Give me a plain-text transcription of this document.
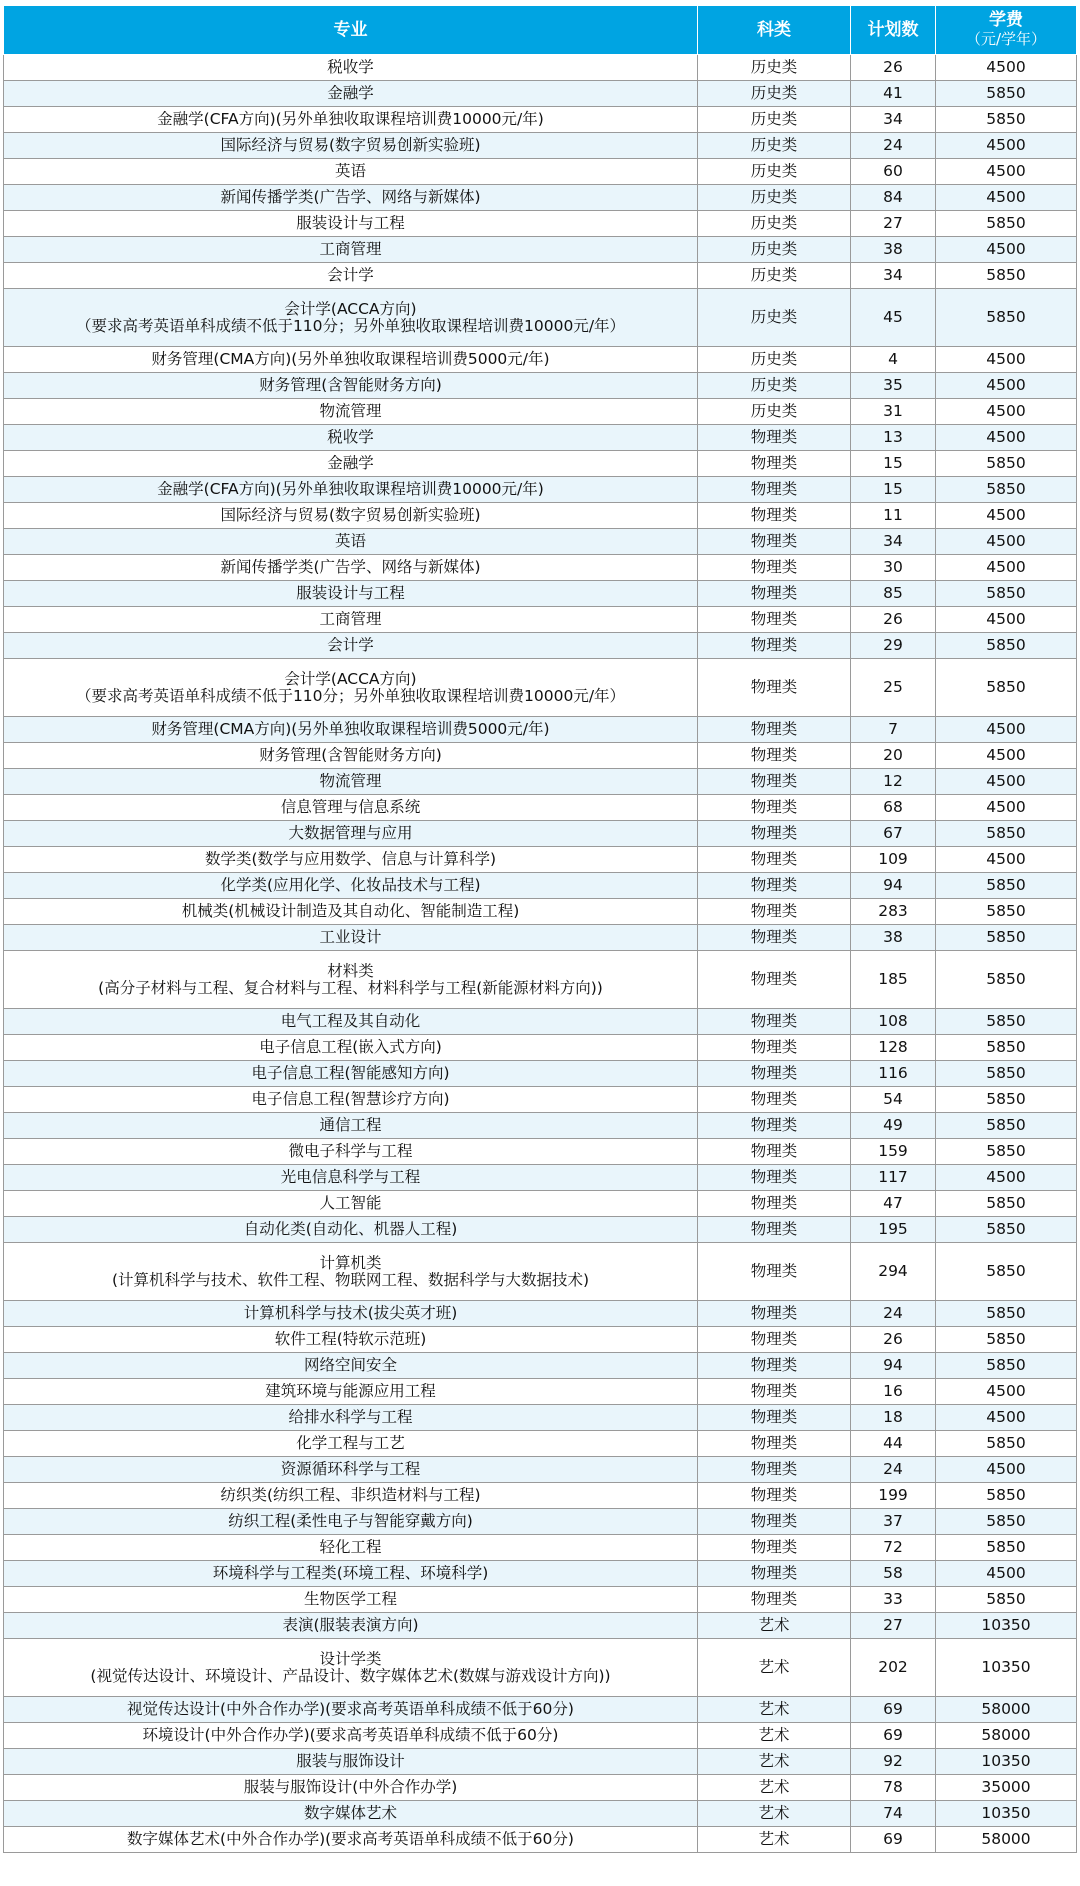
专业	科类	计划数	学费
（元/学年）

税收学	历史类	26	4500

金融学	历史类	41	5850

金融学(CFA方向)(另外单独收取课程培训费10000元/年)	历史类	34	5850

国际经济与贸易(数字贸易创新实验班)	历史类	24	4500

英语	历史类	60	4500

新闻传播学类(广告学、网络与新媒体)	历史类	84	4500

服装设计与工程	历史类	27	5850

工商管理	历史类	38	4500

会计学	历史类	34	5850

会计学(ACCA方向)
（要求高考英语单科成绩不低于110分；另外单独收取课程培训费10000元/年）	历史类	45	5850

财务管理(CMA方向)(另外单独收取课程培训费5000元/年)	历史类	4	4500

财务管理(含智能财务方向)	历史类	35	4500

物流管理	历史类	31	4500

税收学	物理类	13	4500

金融学	物理类	15	5850

金融学(CFA方向)(另外单独收取课程培训费10000元/年)	物理类	15	5850

国际经济与贸易(数字贸易创新实验班)	物理类	11	4500

英语	物理类	34	4500

新闻传播学类(广告学、网络与新媒体)	物理类	30	4500

服装设计与工程	物理类	85	5850

工商管理	物理类	26	4500

会计学	物理类	29	5850

会计学(ACCA方向)
（要求高考英语单科成绩不低于110分；另外单独收取课程培训费10000元/年）	物理类	25	5850

财务管理(CMA方向)(另外单独收取课程培训费5000元/年)	物理类	7	4500

财务管理(含智能财务方向)	物理类	20	4500

物流管理	物理类	12	4500

信息管理与信息系统	物理类	68	4500

大数据管理与应用	物理类	67	5850

数学类(数学与应用数学、信息与计算科学)	物理类	109	4500

化学类(应用化学、化妆品技术与工程)	物理类	94	5850

机械类(机械设计制造及其自动化、智能制造工程)	物理类	283	5850

工业设计	物理类	38	5850

材料类
(高分子材料与工程、复合材料与工程、材料科学与工程(新能源材料方向))	物理类	185	5850

电气工程及其自动化	物理类	108	5850

电子信息工程(嵌入式方向)	物理类	128	5850

电子信息工程(智能感知方向)	物理类	116	5850

电子信息工程(智慧诊疗方向)	物理类	54	5850

通信工程	物理类	49	5850

微电子科学与工程	物理类	159	5850

光电信息科学与工程	物理类	117	4500

人工智能	物理类	47	5850

自动化类(自动化、机器人工程)	物理类	195	5850

计算机类
(计算机科学与技术、软件工程、物联网工程、数据科学与大数据技术)	物理类	294	5850

计算机科学与技术(拔尖英才班)	物理类	24	5850

软件工程(特软示范班)	物理类	26	5850

网络空间安全	物理类	94	5850

建筑环境与能源应用工程	物理类	16	4500

给排水科学与工程	物理类	18	4500

化学工程与工艺	物理类	44	5850

资源循环科学与工程	物理类	24	4500

纺织类(纺织工程、非织造材料与工程)	物理类	199	5850

纺织工程(柔性电子与智能穿戴方向)	物理类	37	5850

轻化工程	物理类	72	5850

环境科学与工程类(环境工程、环境科学)	物理类	58	4500

生物医学工程	物理类	33	5850

表演(服装表演方向)	艺术	27	10350

设计学类
(视觉传达设计、环境设计、产品设计、数字媒体艺术(数媒与游戏设计方向))	艺术	202	10350

视觉传达设计(中外合作办学)(要求高考英语单科成绩不低于60分)	艺术	69	58000

环境设计(中外合作办学)(要求高考英语单科成绩不低于60分)	艺术	69	58000

服装与服饰设计	艺术	92	10350

服装与服饰设计(中外合作办学)	艺术	78	35000

数字媒体艺术	艺术	74	10350

数字媒体艺术(中外合作办学)(要求高考英语单科成绩不低于60分)	艺术	69	58000
